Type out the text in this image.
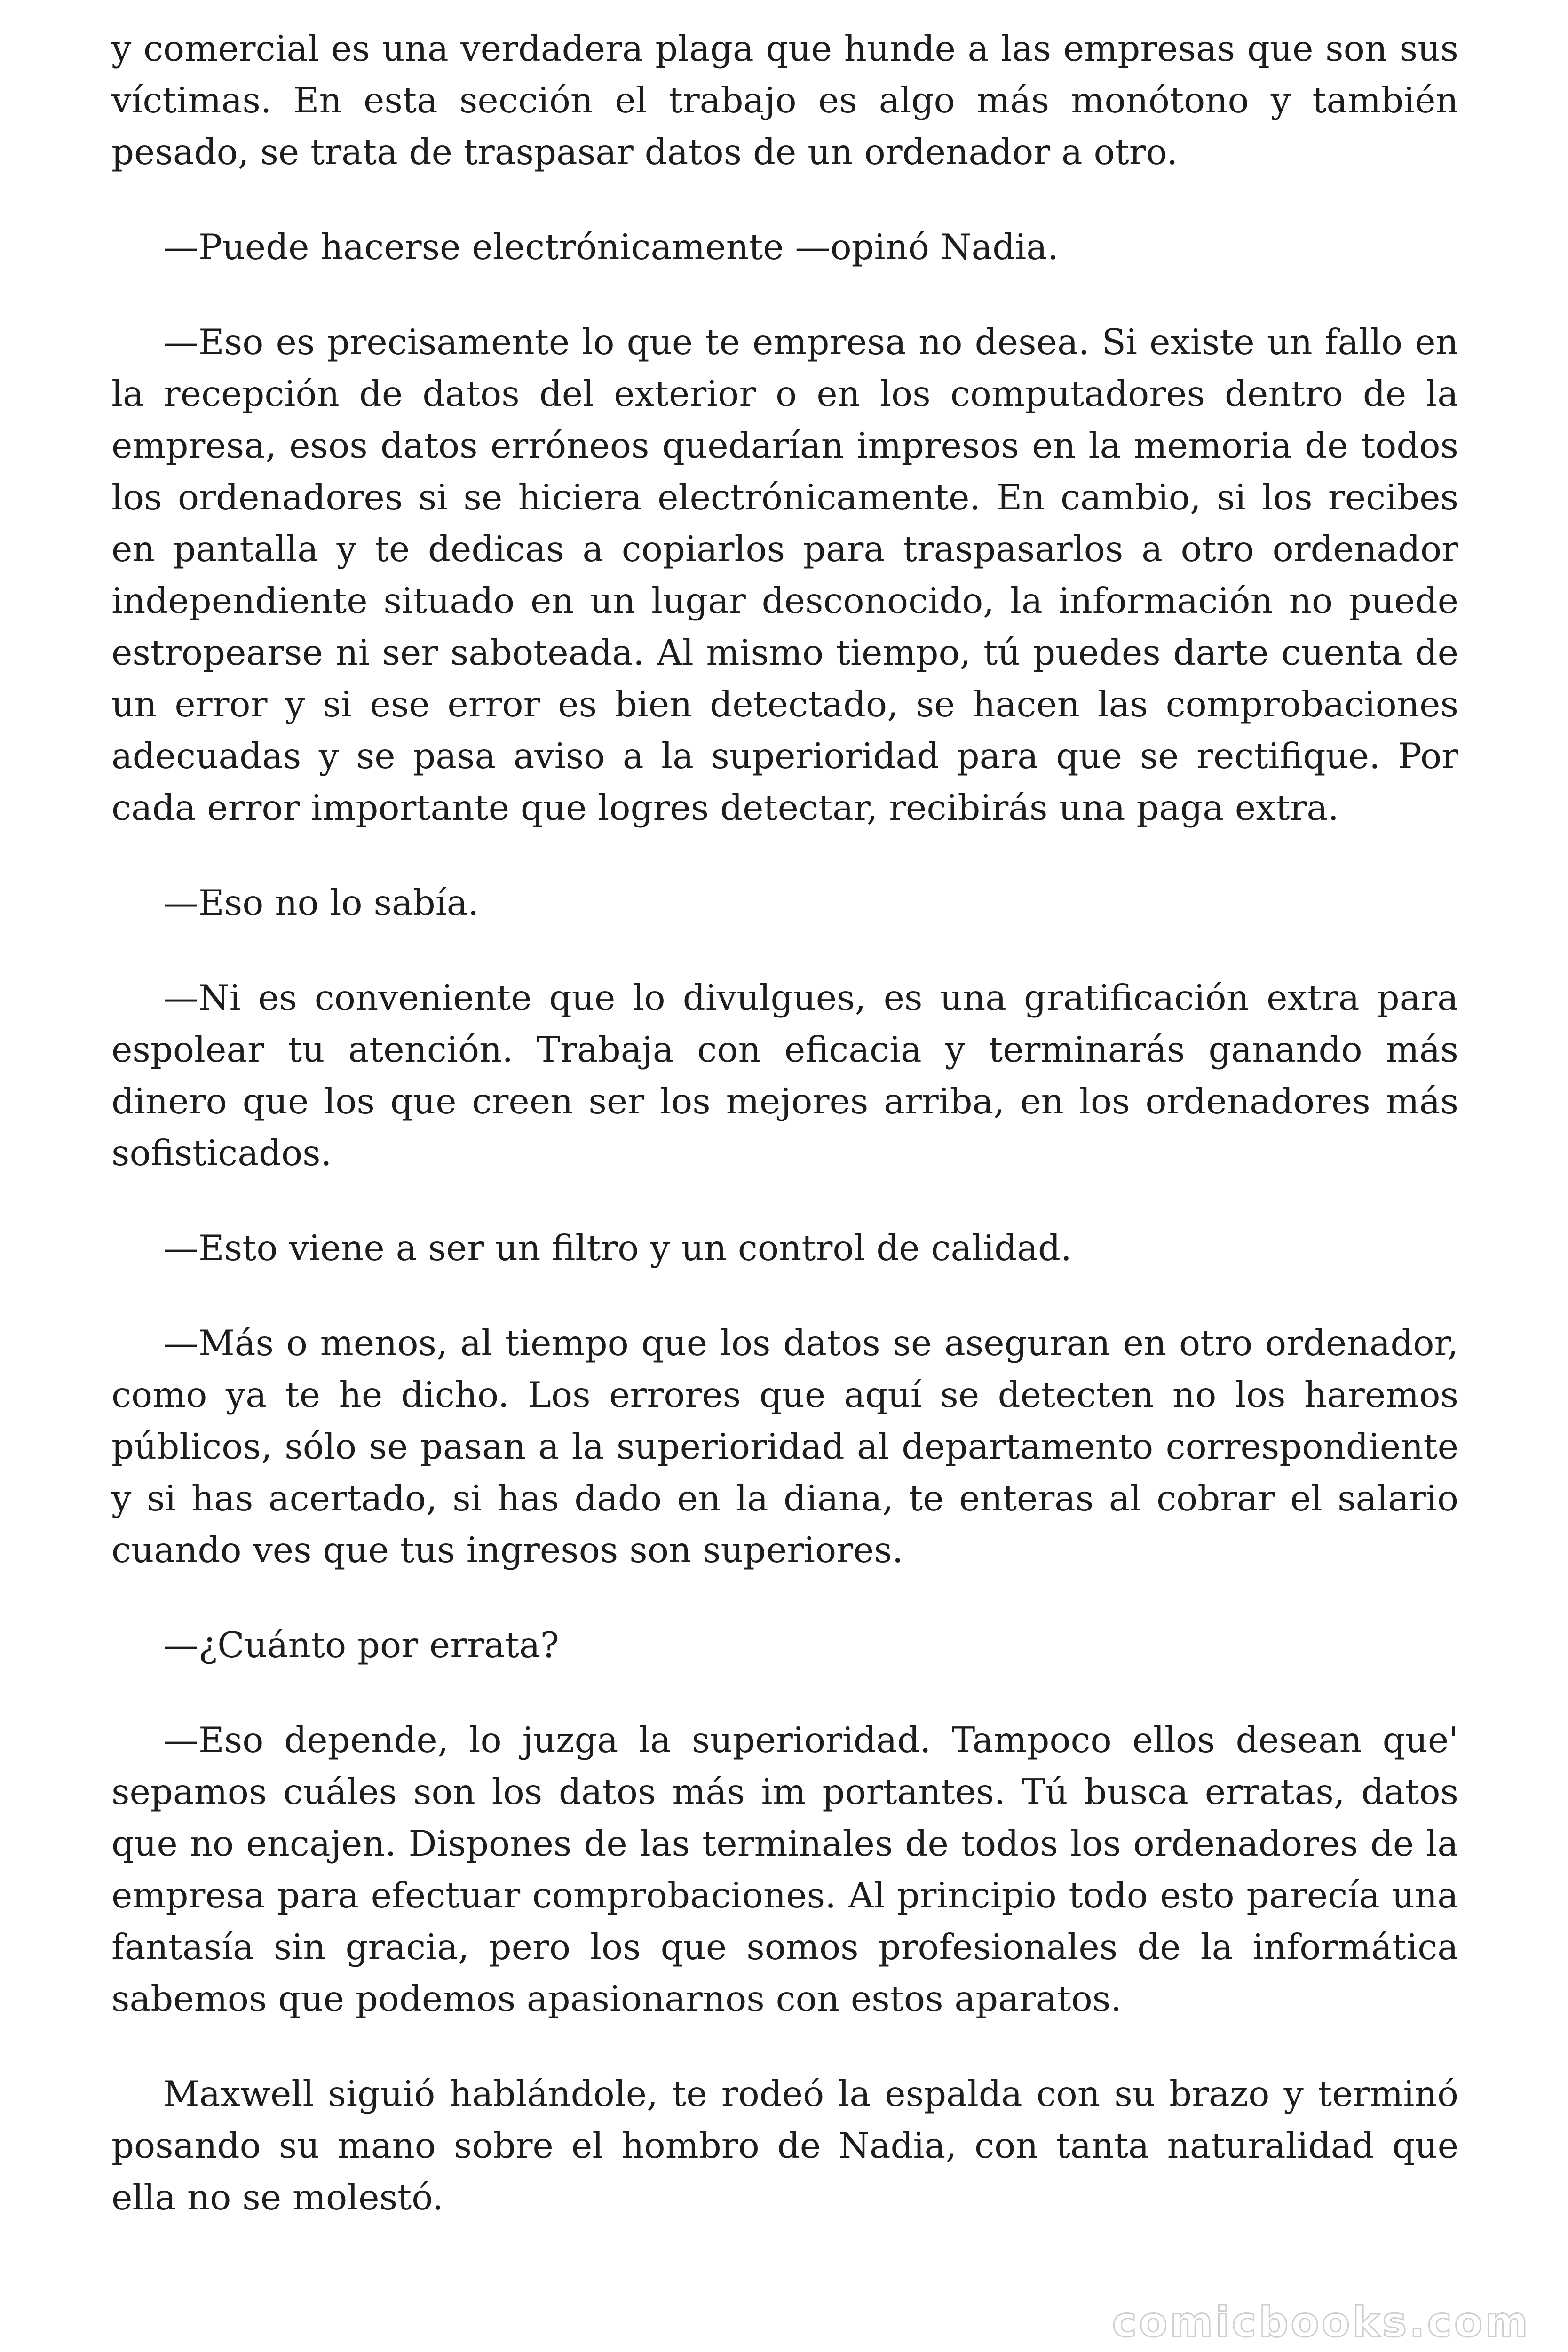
y comercial es una verdadera plaga que hunde a las empresas que son sus víctimas. En esta sección el trabajo es algo más monótono y también pesado, se trata de traspasar datos de un ordenador a otro.

—Puede hacerse electrónicamente —opinó Nadia.

—Eso es precisamente lo que te empresa no desea. Si existe un fallo en la recepción de datos del exterior o en los computadores dentro de la empresa, esos datos erróneos quedarían impresos en la memoria de todos los ordenadores si se hiciera electrónicamente. En cambio, si los recibes en pantalla y te dedicas a copiarlos para traspasarlos a otro ordenador independiente situado en un lugar desconocido, la información no puede estropearse ni ser saboteada. Al mismo tiempo, tú puedes darte cuenta de un error y si ese error es bien detectado, se hacen las comprobaciones adecuadas y se pasa aviso a la superioridad para que se rectifique. Por cada error importante que logres detectar, recibirás una paga extra.

—Eso no lo sabía.

—Ni es conveniente que lo divulgues, es una gratificación extra para espolear tu atención. Trabaja con eficacia y terminarás ganando más dinero que los que creen ser los mejores arriba, en los ordenadores más sofisticados.

—Esto viene a ser un filtro y un control de calidad.

—Más o menos, al tiempo que los datos se aseguran en otro ordenador, como ya te he dicho. Los errores que aquí se detecten no los haremos públicos, sólo se pasan a la superioridad al departamento correspondiente y si has acertado, si has dado en la diana, te enteras al cobrar el salario cuando ves que tus ingresos son superiores.

—¿Cuánto por errata?

—Eso depende, lo juzga la superioridad. Tampoco ellos desean que' sepamos cuáles son los datos más im portantes. Tú busca erratas, datos que no encajen. Dispones de las terminales de todos los ordenadores de la empresa para efectuar comprobaciones. Al principio todo esto parecía una fantasía sin gracia, pero los que somos profesionales de la informática sabemos que podemos apasionarnos con estos aparatos.

Maxwell siguió hablándole, te rodeó la espalda con su brazo y terminó posando su mano sobre el hombro de Nadia, con tanta naturalidad que ella no se molestó.

comicbooks.com
